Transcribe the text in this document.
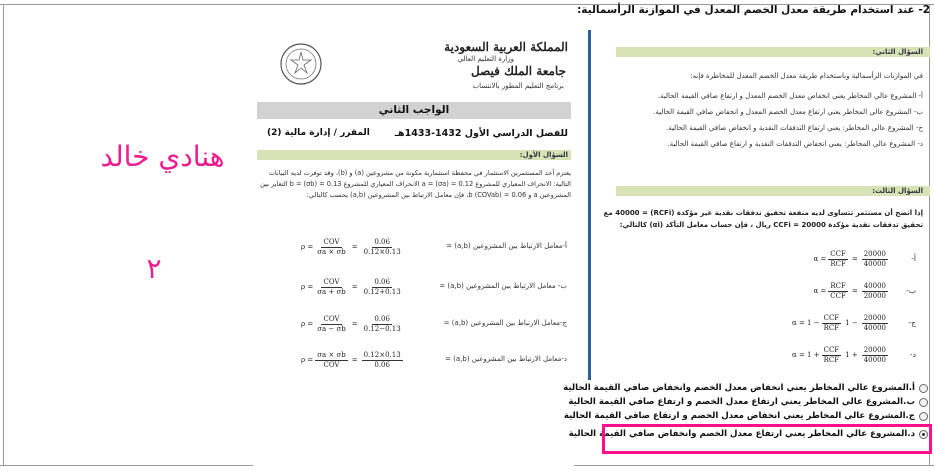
2- عند استخدام طريقة معدل الخصم المعدل في الموازنة الرأسمالية:
المملكة العربية السعودية
وزارة التعليم العالي
جامعة الملك فيصل
برنامج التعليم المطور بالانتساب
الواجب الثاني
للفصل الدراسي الأول 1432-1433هـ
المقرر / إدارة مالية (2)
السؤال الأول:
يعتزم أحد المستثمرين الاستثمار في محفظة استثمارية مكونة من مشروعين (a) و (b)، وقد توفرت لديه البيانات التالية: الانحراف المعياري للمشروع a = (σa) = 0.12 الانحراف المعياري للمشروع b = (σb) = 0.13 التغاير بين المشروعين a و b (COVab) = 0.06، فإن معامل الارتباط بين المشروعين (a,b) يحسب كالتالي:
أ-معامل الارتباط بين المشروعين (a,b) =
$\rho = \frac{\text{COV}}{\sigma a \times \sigma b} = \frac{0.06}{0.12\times 0.13}$
ب- معامل الارتباط بين المشروعين (a,b) =
$\rho = \frac{\text{COV}}{\sigma a + \sigma b} = \frac{0.06}{0.12+0.13}$
ج-معامل الارتباط بين المشروعين (a,b) =
$\rho = \frac{\text{COV}}{\sigma a - \sigma b} = \frac{0.06}{0.12-0.13}$
د-معامل الارتباط بين المشروعين (a,b) =
$\rho = \frac{\sigma a \times \sigma b}{\text{COV}} = \frac{0.12\times 0.13}{0.06}$
السؤال الثاني:
في الموازنات الرأسمالية وباستخدام طريقة معدل الخصم المعدل للمخاطرة فإنه:
أ- المشروع عالي المخاطر يعني انخفاض معدل الخصم المعدل و ارتفاع صافي القيمة الحالية.
ب- المشروع عالي المخاطر يعني ارتفاع معدل الخصم المعدل و انخفاض صافي القيمة الحالية.
ج- المشروع عالي المخاطر: يعني ارتفاع التدفقات النقدية و انخفاض صافي القيمة الحالية.
د- المشروع عالي المخاطر: يعني انخفاض التدفقات النقدية و ارتفاع صافي القيمة الحالية.
السؤال الثالث:
إذا اتضح أن مستثمر تتساوى لديه منفعة تحقيق تدفقات نقدية غير مؤكدة (RCFi) = 40000 مع تحقيق تدفقات نقدية مؤكدة CCFi = 20000 ريال ، فإن حساب معامل التأكد (αi) كالتالي:
أ-
$\alpha = \frac{\text{CCF}}{\text{RCF}} = \frac{20000}{40000}$
ب-
$\alpha = \frac{\text{RCF}}{\text{CCF}} = \frac{40000}{20000}$
ج-
$\alpha = 1 - \frac{\text{CCF}}{\text{RCF}} 1 - \frac{20000}{40000}$
د-
$\alpha = 1 + \frac{\text{CCF}}{\text{RCF}} 1 + \frac{20000}{40000}$
أ.المشروع عالي المخاطر يعني انخفاض معدل الخصم وانخفاض صافي القيمة الحالية
ب.المشروع عالي المخاطر يعني ارتفاع معدل الخصم و ارتفاع صافي القيمة الحالية
ج.المشروع عالي المخاطر يعني انخفاض معدل الخصم و ارتفاع صافي القيمة الحالية
د.المشروع عالي المخاطر يعني ارتفاع معدل الخصم وانخفاض صافي القيمة الحالية
هنادي خالد
٢
